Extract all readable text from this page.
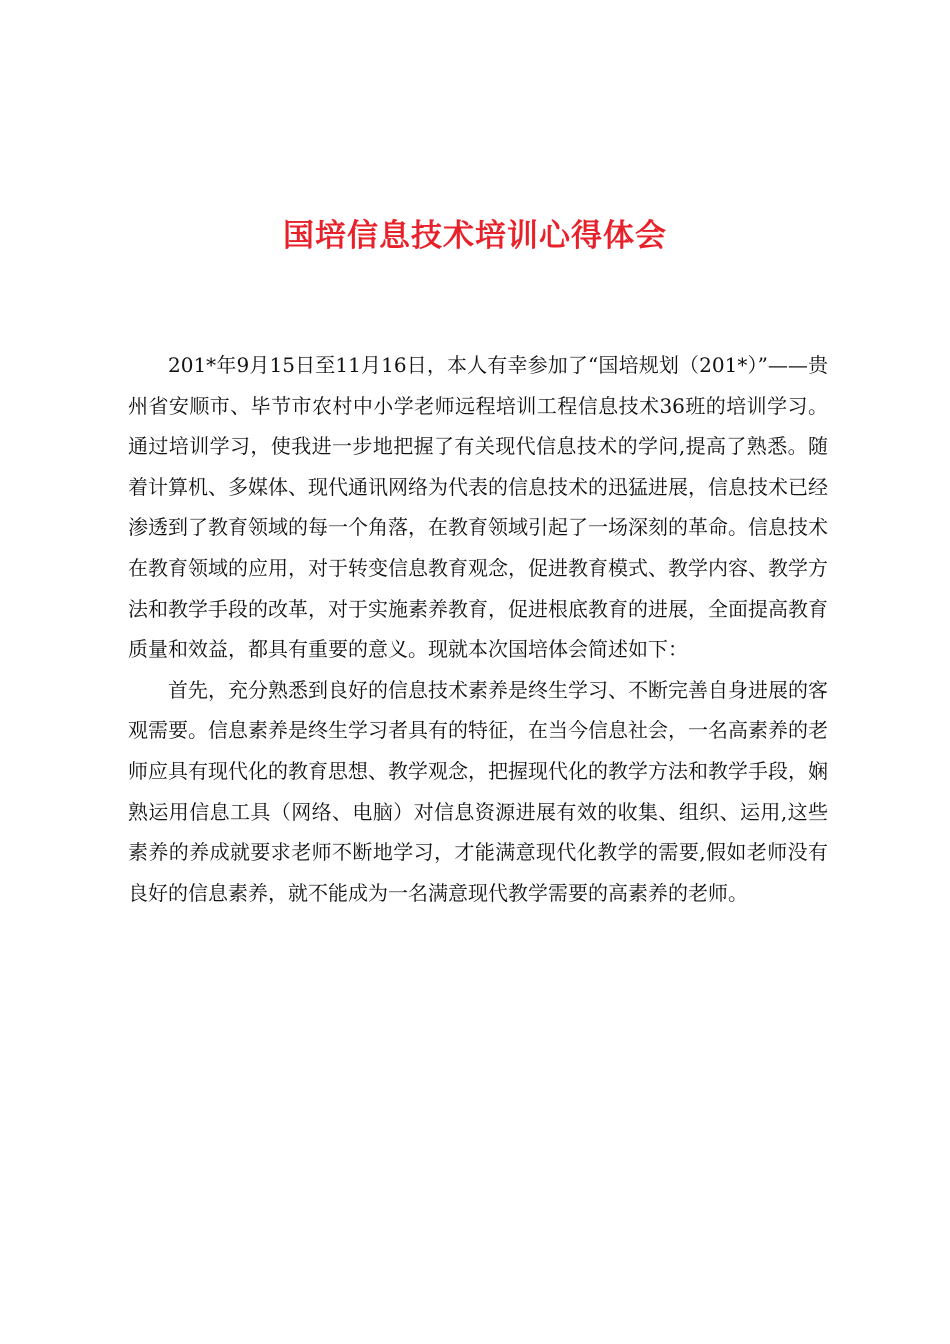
国培信息技术培训心得体会

201*年9月15日至11月16日，本人有幸参加了“国培规划（201*）”——贵州省安顺市、毕节市农村中小学老师远程培训工程信息技术36班的培训学习。通过培训学习，使我进一步地把握了有关现代信息技术的学问,提高了熟悉。随着计算机、多媒体、现代通讯网络为代表的信息技术的迅猛进展，信息技术已经渗透到了教育领域的每一个角落，在教育领域引起了一场深刻的革命。信息技术在教育领域的应用，对于转变信息教育观念，促进教育模式、教学内容、教学方法和教学手段的改革，对于实施素养教育，促进根底教育的进展，全面提高教育质量和效益，都具有重要的意义。现就本次国培体会简述如下：

首先，充分熟悉到良好的信息技术素养是终生学习、不断完善自身进展的客观需要。信息素养是终生学习者具有的特征，在当今信息社会，一名高素养的老师应具有现代化的教育思想、教学观念，把握现代化的教学方法和教学手段，娴熟运用信息工具（网络、电脑）对信息资源进展有效的收集、组织、运用,这些素养的养成就要求老师不断地学习，才能满意现代化教学的需要,假如老师没有良好的信息素养，就不能成为一名满意现代教学需要的高素养的老师。
